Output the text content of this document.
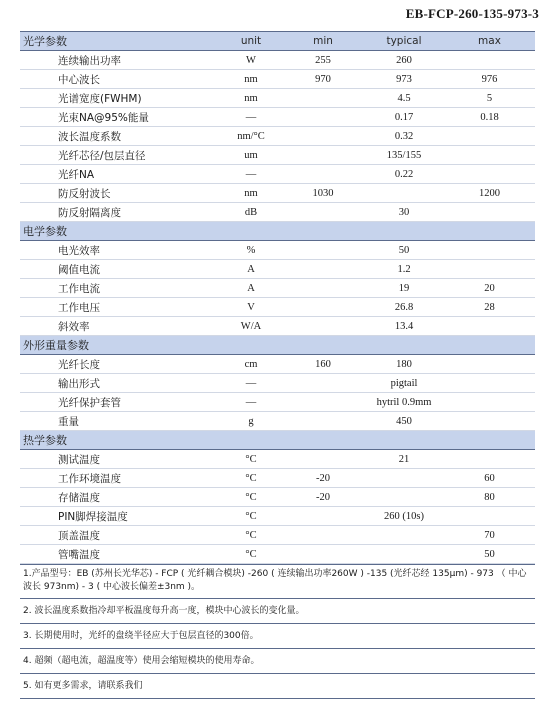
EB-FCP-260-135-973-3
光学参数	unit	min	typical	max
连续输出功率	W	255	260	
中心波长	nm	970	973	976
光谱宽度(FWHM)	nm		4.5	5
光束NA@95%能量	—		0.17	0.18
波长温度系数	nm/°C		0.32	
光纤芯径/包层直径	um		135/155	
光纤NA	—		0.22	
防反射波长	nm	1030		1200
防反射隔离度	dB		30	
电学参数				
电光效率	%		50	
阈值电流	A		1.2	
工作电流	A		19	20
工作电压	V		26.8	28
斜效率	W/A		13.4	
外形重量参数				
光纤长度	cm	160	180	
输出形式	—		pigtail	
光纤保护套管	—		hytril 0.9mm	
重量	g		450	
热学参数				
测试温度	°C		21	
工作环境温度	°C	-20		60
存储温度	°C	-20		80
PIN脚焊接温度	°C		260 (10s)	
顶盖温度	°C			70
管嘴温度	°C			50
1.产品型号：EB (苏州长光华芯) - FCP ( 光纤耦合模块) -260 ( 连续输出功率260W ) -135 (光纤芯经 135μm) - 973 （ 中心波长 973nm) - 3 ( 中心波长偏差±3nm )。
2. 波长温度系数指冷却平板温度每升高一度，模块中心波长的变化量。
3. 长期使用时，光纤的盘绕半径应大于包层直径的300倍。
4. 超频（超电流，超温度等）使用会缩短模块的使用寿命。
5. 如有更多需求，请联系我们
